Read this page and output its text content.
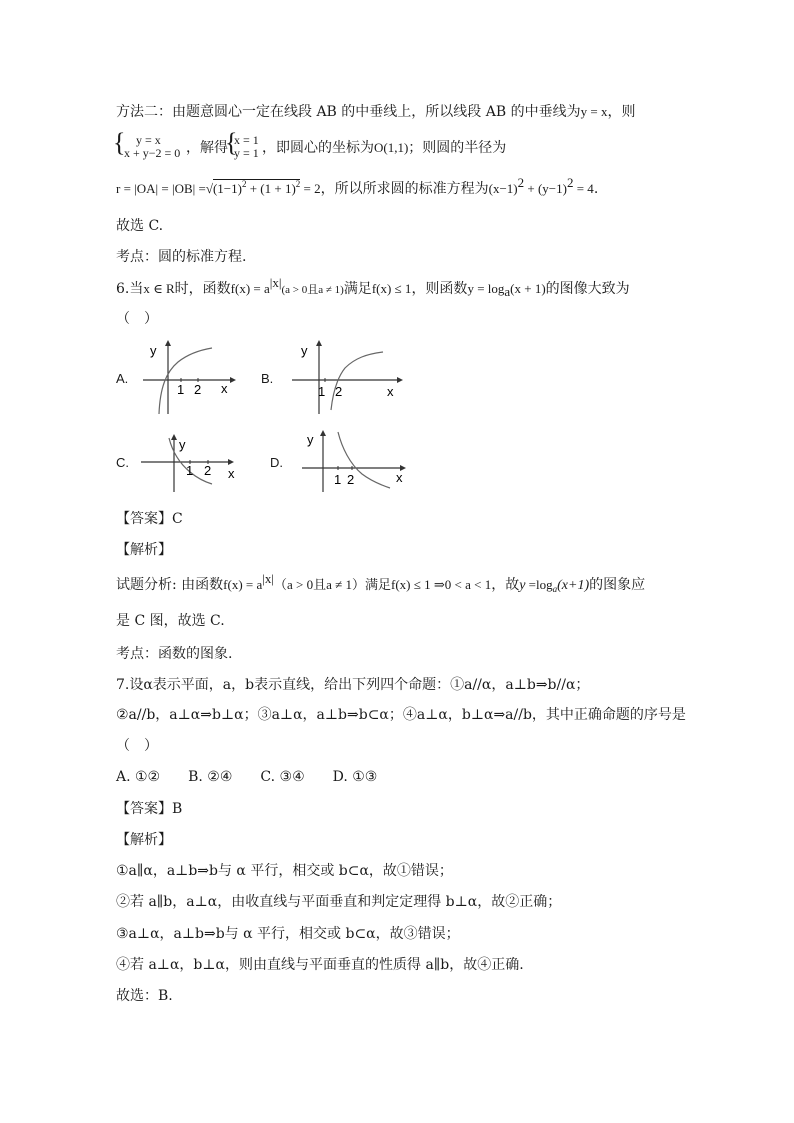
方法二：由题意圆心一定在线段 AB 的中垂线上，所以线段 AB 的中垂线为y = x，则
{ y = x
x + y−2 = 0 ，解得
{
x = 1
y = 1 ，即圆心的坐标为O(1,1)；则圆的半径为
$r = |OA| = |OB| =√(1-1)^2 + (1 + 1)^2 = 2$，所以所求圆的标准方程为$(x-1)^2 + (y-1)^2 = 4$.
故选 C.
考点：圆的标准方程.
6.当x ∈ R时，函数$f(x) = a^{|x|}(a > 0$且a ≠ 1)满足f(x) ≤ 1，则函数$y = \log_a(x + 1)$的图像大致为
（　）
A.
y
1 2 x
B.
y
1 2	x
C.
y
1 2 x
D.
y
1 2	x
【答案】C
【解析】
试题分析: 由函数$f(x) = a^{|x|}(a > 0$且a ≠ 1）满足f(x) ≤ 1 ⇒0 < a < 1，故$y =\log_a(x+1)$的图象应
是 C 图，故选 C.
考点：函数的图象.
7.设α表示平面，a，b表示直线，给出下列四个命题：①a//α，a⊥b⇒b//α；
②a//b，a⊥α⇒b⊥α；③a⊥α，a⊥b⇒b⊂α；④a⊥α，b⊥α⇒a//b，其中正确命题的序号是
（　）
A. ①②　　B. ②④　　C. ③④　　D. ①③
【答案】B
【解析】
①a∥α，a⊥b⇒b与 α 平行，相交或 b⊂α，故①错误；
②若 a∥b，a⊥α，由收直线与平面垂直和判定定理得 b⊥α，故②正确；
③a⊥α，a⊥b⇒b与 α 平行，相交或 b⊂α，故③错误；
④若 a⊥α，b⊥α，则由直线与平面垂直的性质得 a∥b，故④正确.
故选：B.
